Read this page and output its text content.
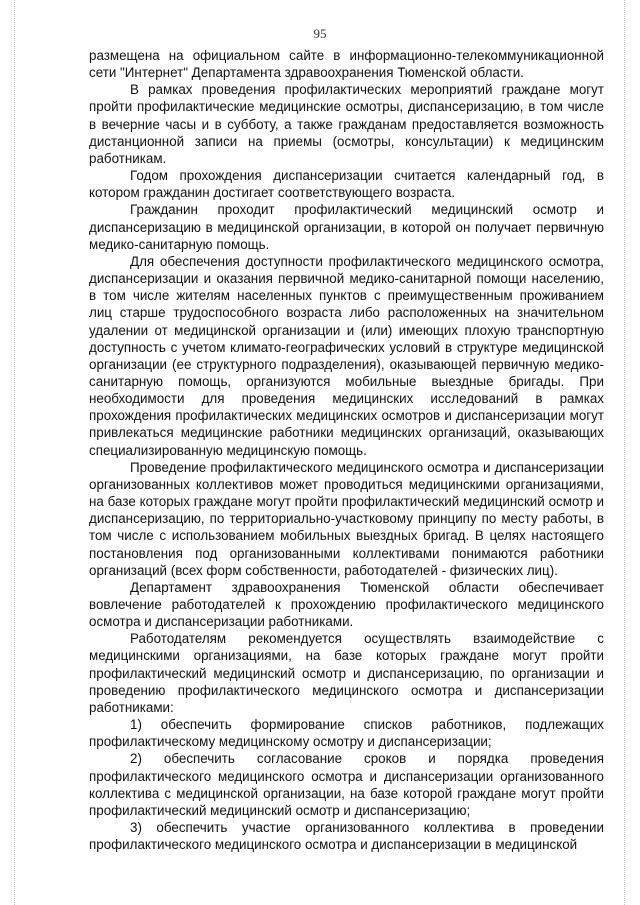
95

размещена на официальном сайте в информационно-телекоммуникационной сети "Интернет" Департамента здравоохранения Тюменской области.

В рамках проведения профилактических мероприятий граждане могут пройти профилактические медицинские осмотры, диспансеризацию, в том числе в вечерние часы и в субботу, а также гражданам предоставляется возможность дистанционной записи на приемы (осмотры, консультации) к медицинским работникам.

Годом прохождения диспансеризации считается календарный год, в котором гражданин достигает соответствующего возраста.

Гражданин проходит профилактический медицинский осмотр и диспансеризацию в медицинской организации, в которой он получает первичную медико-санитарную помощь.

Для обеспечения доступности профилактического медицинского осмотра, диспансеризации и оказания первичной медико-санитарной помощи населению, в том числе жителям населенных пунктов с преимущественным проживанием лиц старше трудоспособного возраста либо расположенных на значительном удалении от медицинской организации и (или) имеющих плохую транспортную доступность с учетом климато-географических условий в структуре медицинской организации (ее структурного подразделения), оказывающей первичную медико-санитарную помощь, организуются мобильные выездные бригады. При необходимости для проведения медицинских исследований в рамках прохождения профилактических медицинских осмотров и диспансеризации могут привлекаться медицинские работники медицинских организаций, оказывающих специализированную медицинскую помощь.

Проведение профилактического медицинского осмотра и диспансеризации организованных коллективов может проводиться медицинскими организациями, на базе которых граждане могут пройти профилактический медицинский осмотр и диспансеризацию, по территориально-участковому принципу по месту работы, в том числе с использованием мобильных выездных бригад. В целях настоящего постановления под организованными коллективами понимаются работники организаций (всех форм собственности, работодателей - физических лиц).

Департамент здравоохранения Тюменской области обеспечивает вовлечение работодателей к прохождению профилактического медицинского осмотра и диспансеризации работниками.

Работодателям рекомендуется осуществлять взаимодействие с медицинскими организациями, на базе которых граждане могут пройти профилактический медицинский осмотр и диспансеризацию, по организации и проведению профилактического медицинского осмотра и диспансеризации работниками:

1) обеспечить формирование списков работников, подлежащих профилактическому медицинскому осмотру и диспансеризации;

2) обеспечить согласование сроков и порядка проведения профилактического медицинского осмотра и диспансеризации организованного коллектива с медицинской организации, на базе которой граждане могут пройти профилактический медицинский осмотр и диспансеризацию;

3) обеспечить участие организованного коллектива в проведении профилактического медицинского осмотра и диспансеризации в медицинской
